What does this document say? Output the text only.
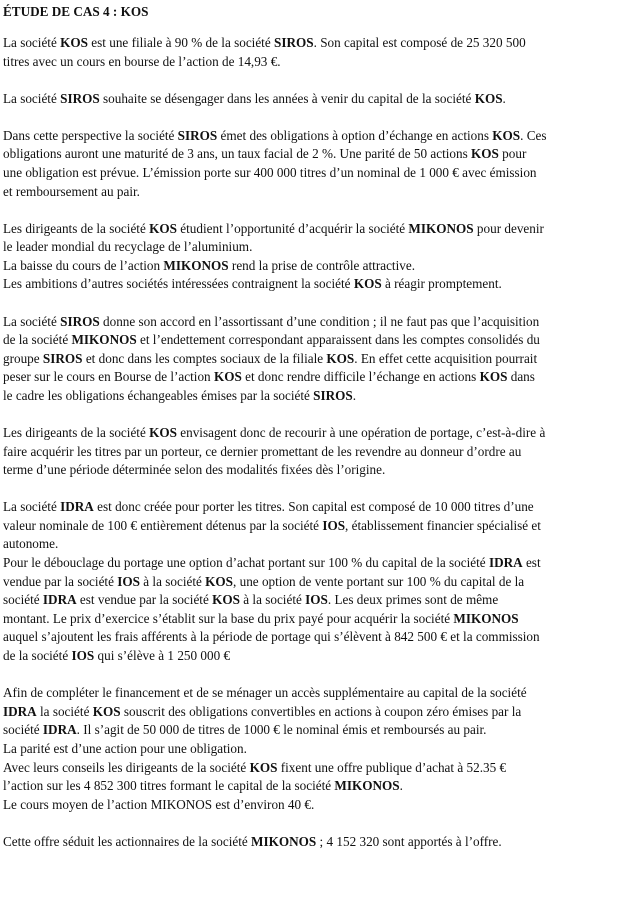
ÉTUDE DE CAS 4 : KOS
La société KOS est une filiale à 90 % de la société SIROS. Son capital est composé de 25 320 500
titres avec un cours en bourse de l’action de 14,93 €.
La société SIROS souhaite se désengager dans les années à venir du capital de la société KOS.
Dans cette perspective la société SIROS émet des obligations à option d’échange en actions KOS. Ces
obligations auront une maturité de 3 ans, un taux facial de 2 %. Une parité de 50 actions KOS pour
une obligation est prévue. L’émission porte sur 400 000 titres d’un nominal de 1 000 € avec émission
et remboursement au pair.
Les dirigeants de la société KOS étudient l’opportunité d’acquérir la société MIKONOS pour devenir
le leader mondial du recyclage de l’aluminium.
La baisse du cours de l’action MIKONOS rend la prise de contrôle attractive.
Les ambitions d’autres sociétés intéressées contraignent la société KOS à réagir promptement.
La société SIROS donne son accord en l’assortissant d’une condition ; il ne faut pas que l’acquisition
de la société MIKONOS et l’endettement correspondant apparaissent dans les comptes consolidés du
groupe SIROS et donc dans les comptes sociaux de la filiale KOS. En effet cette acquisition pourrait
peser sur le cours en Bourse de l’action KOS et donc rendre difficile l’échange en actions KOS dans
le cadre les obligations échangeables émises par la société SIROS.
Les dirigeants de la société KOS envisagent donc de recourir à une opération de portage, c’est-à-dire à
faire acquérir les titres par un porteur, ce dernier promettant de les revendre au donneur d’ordre au
terme d’une période déterminée selon des modalités fixées dès l’origine.
La société IDRA est donc créée pour porter les titres. Son capital est composé de 10 000 titres d’une
valeur nominale de 100 € entièrement détenus par la société IOS, établissement financier spécialisé et
autonome.
Pour le débouclage du portage une option d’achat portant sur 100 % du capital de la société IDRA est
vendue par la société IOS à la société KOS, une option de vente portant sur 100 % du capital de la
société IDRA est vendue par la société KOS à la société IOS. Les deux primes sont de même
montant. Le prix d’exercice s’établit sur la base du prix payé pour acquérir la société MIKONOS
auquel s’ajoutent les frais afférents à la période de portage qui s’élèvent à 842 500 € et la commission
de la société IOS qui s’élève à 1 250 000 €
Afin de compléter le financement et de se ménager un accès supplémentaire au capital de la société
IDRA la société KOS souscrit des obligations convertibles en actions à coupon zéro émises par la
société IDRA. Il s’agit de 50 000 de titres de 1000 € le nominal émis et remboursés au pair.
La parité est d’une action pour une obligation.
Avec leurs conseils les dirigeants de la société KOS fixent une offre publique d’achat à 52.35 €
l’action sur les 4 852 300 titres formant le capital de la société MIKONOS.
Le cours moyen de l’action MIKONOS est d’environ 40 €.
Cette offre séduit les actionnaires de la société MIKONOS ; 4 152 320 sont apportés à l’offre.
